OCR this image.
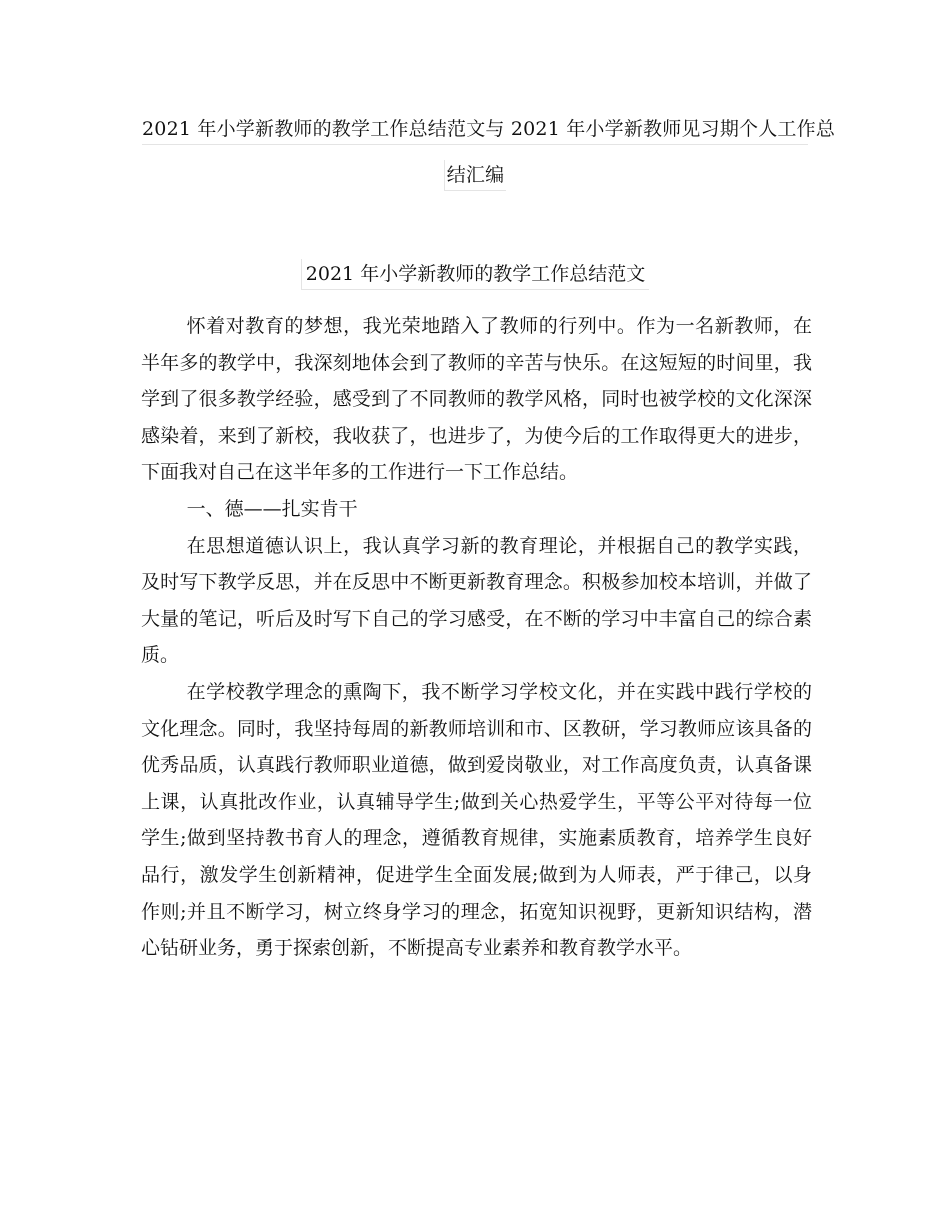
2021 年小学新教师的教学工作总结范文与 2021 年小学新教师见习期个人工作总
结汇编
2021 年小学新教师的教学工作总结范文

怀着对教育的梦想，我光荣地踏入了教师的行列中。作为一名新教师，在半年多的教学中，我深刻地体会到了教师的辛苦与快乐。在这短短的时间里，我学到了很多教学经验，感受到了不同教师的教学风格，同时也被学校的文化深深感染着，来到了新校，我收获了，也进步了，为使今后的工作取得更大的进步，下面我对自己在这半年多的工作进行一下工作总结。

一、德——扎实肯干

在思想道德认识上，我认真学习新的教育理论，并根据自己的教学实践，及时写下教学反思，并在反思中不断更新教育理念。积极参加校本培训，并做了大量的笔记，听后及时写下自己的学习感受，在不断的学习中丰富自己的综合素质。

在学校教学理念的熏陶下，我不断学习学校文化，并在实践中践行学校的文化理念。同时，我坚持每周的新教师培训和市、区教研，学习教师应该具备的优秀品质，认真践行教师职业道德，做到爱岗敬业，对工作高度负责，认真备课上课，认真批改作业，认真辅导学生;做到关心热爱学生，平等公平对待每一位学生;做到坚持教书育人的理念，遵循教育规律，实施素质教育，培养学生良好品行，激发学生创新精神，促进学生全面发展;做到为人师表，严于律己，以身作则;并且不断学习，树立终身学习的理念，拓宽知识视野，更新知识结构，潜心钻研业务，勇于探索创新，不断提高专业素养和教育教学水平。
